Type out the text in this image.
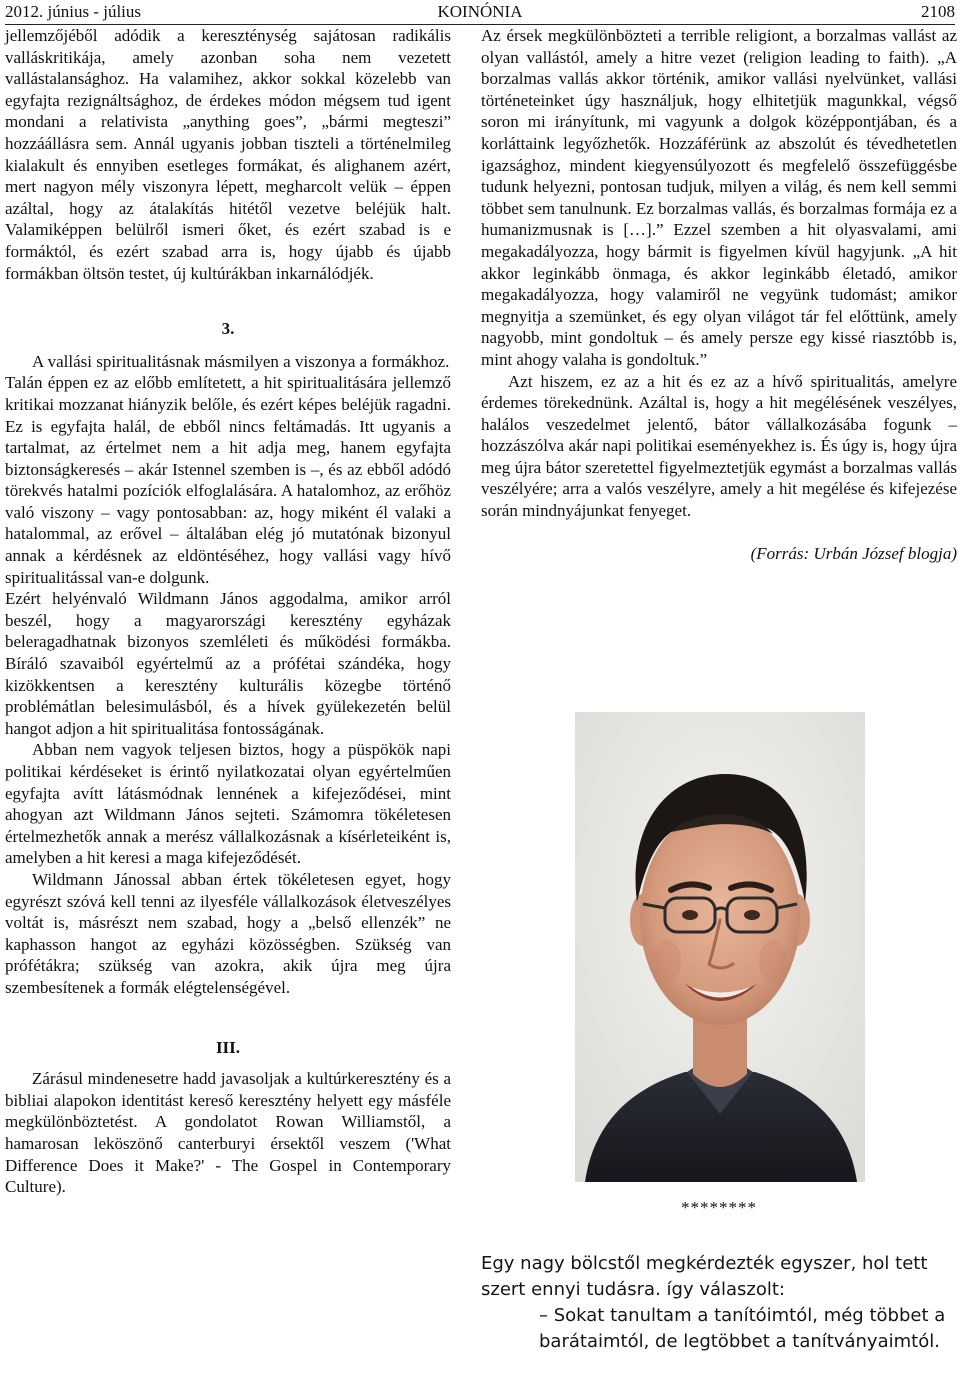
2012. június - július	KOINÓNIA	2108

jellemzőjéből adódik a kereszténység sajátosan radikális valláskritikája, amely azonban soha nem vezetett vallástalansághoz. Ha valamihez, akkor sokkal közelebb van egyfajta rezignáltsághoz, de érdekes módon mégsem tud igent mondani a relativista „anything goes”, „bármi megteszi” hozzáállásra sem. Annál ugyanis jobban tiszteli a történelmileg kialakult és ennyiben esetleges formákat, és alighanem azért, mert nagyon mély viszonyra lépett, megharcolt velük – éppen azáltal, hogy az átalakítás hitétől vezetve beléjük halt. Valamiképpen belülről ismeri őket, és ezért szabad is e formáktól, és ezért szabad arra is, hogy újabb és újabb formákban öltsön testet, új kultúrákban inkarnálódjék.

3.

A vallási spiritualitásnak másmilyen a viszonya a formákhoz.

Talán éppen ez az előbb említetett, a hit spiritualitására jellemző kritikai mozzanat hiányzik belőle, és ezért képes beléjük ragadni. Ez is egyfajta halál, de ebből nincs feltámadás. Itt ugyanis a tartalmat, az értelmet nem a hit adja meg, hanem egyfajta biztonságkeresés – akár Istennel szemben is –, és az ebből adódó törekvés hatalmi pozíciók elfoglalására. A hatalomhoz, az erőhöz való viszony – vagy pontosabban: az, hogy miként él valaki a hatalommal, az erővel – általában elég jó mutatónak bizonyul annak a kérdésnek az eldöntéséhez, hogy vallási vagy hívő spiritualitással van-e dolgunk.

Ezért helyénvaló Wildmann János aggodalma, amikor arról beszél, hogy a magyarországi keresztény egyházak beleragadhatnak bizonyos szemléleti és működési formákba. Bíráló szavaiból egyértelmű az a prófétai szándéka, hogy kizökkentsen a keresztény kulturális közegbe történő problémátlan belesimulásból, és a hívek gyülekezetén belül hangot adjon a hit spiritualitása fontosságának.

Abban nem vagyok teljesen biztos, hogy a püspökök napi politikai kérdéseket is érintő nyilatkozatai olyan egyértelműen egyfajta avítt látásmódnak lennének a kifejeződései, mint ahogyan azt Wildmann János sejteti. Számomra tökéletesen értelmezhetők annak a merész vállalkozásnak a kísérleteiként is, amelyben a hit keresi a maga kifejeződését.

Wildmann Jánossal abban értek tökéletesen egyet, hogy egyrészt szóvá kell tenni az ilyesféle vállalkozások életveszélyes voltát is, másrészt nem szabad, hogy a „belső ellenzék” ne kaphasson hangot az egyházi közösségben. Szükség van prófétákra; szükség van azokra, akik újra meg újra szembesítenek a formák elégtelenségével.

III.

Zárásul mindenesetre hadd javasoljak a kultúrkeresztény és a bibliai alapokon identitást kereső keresztény helyett egy másféle megkülönböztetést. A gondolatot Rowan Williamstől, a hamarosan leköszönő canterburyi érsektől veszem ('What Difference Does it Make?' - The Gospel in Contemporary Culture).

Az érsek megkülönbözteti a terrible religiont, a borzalmas vallást az olyan vallástól, amely a hitre vezet (religion leading to faith). „A borzalmas vallás akkor történik, amikor vallási nyelvünket, vallási történeteinket úgy használjuk, hogy elhitetjük magunkkal, végső soron mi irányítunk, mi vagyunk a dolgok középpontjában, és a korláttaink legyőzhetők. Hozzáférünk az abszolút és tévedhetetlen igazsághoz, mindent kiegyensúlyozott és megfelelő összefüggésbe tudunk helyezni, pontosan tudjuk, milyen a világ, és nem kell semmi többet sem tanulnunk. Ez borzalmas vallás, és borzalmas formája ez a humanizmusnak is […].” Ezzel szemben a hit olyasvalami, ami megakadályozza, hogy bármit is figyelmen kívül hagyjunk. „A hit akkor leginkább önmaga, és akkor leginkább életadó, amikor megakadályozza, hogy valamiről ne vegyünk tudomást; amikor megnyitja a szemünket, és egy olyan világot tár fel előttünk, amely nagyobb, mint gondoltuk – és amely persze egy kissé riasztóbb is, mint ahogy valaha is gondoltuk.”

Azt hiszem, ez az a hit és ez az a hívő spiritualitás, amelyre érdemes törekednünk. Azáltal is, hogy a hit megélésének veszélyes, halálos veszedelmet jelentő, bátor vállalkozásába fogunk – hozzászólva akár napi politikai eseményekhez is. És úgy is, hogy újra meg újra bátor szeretettel figyelmeztetjük egymást a borzalmas vallás veszélyére; arra a valós veszélyre, amely a hit megélése és kifejezése során mindnyájunkat fenyeget.

(Forrás: Urbán József blogja)

********

Egy nagy bölcstől megkérdezték egyszer, hol tett szert ennyi tudásra. így válaszolt:

– Sokat tanultam a tanítóimtól, még többet a barátaimtól, de legtöbbet a tanítványaimtól.
